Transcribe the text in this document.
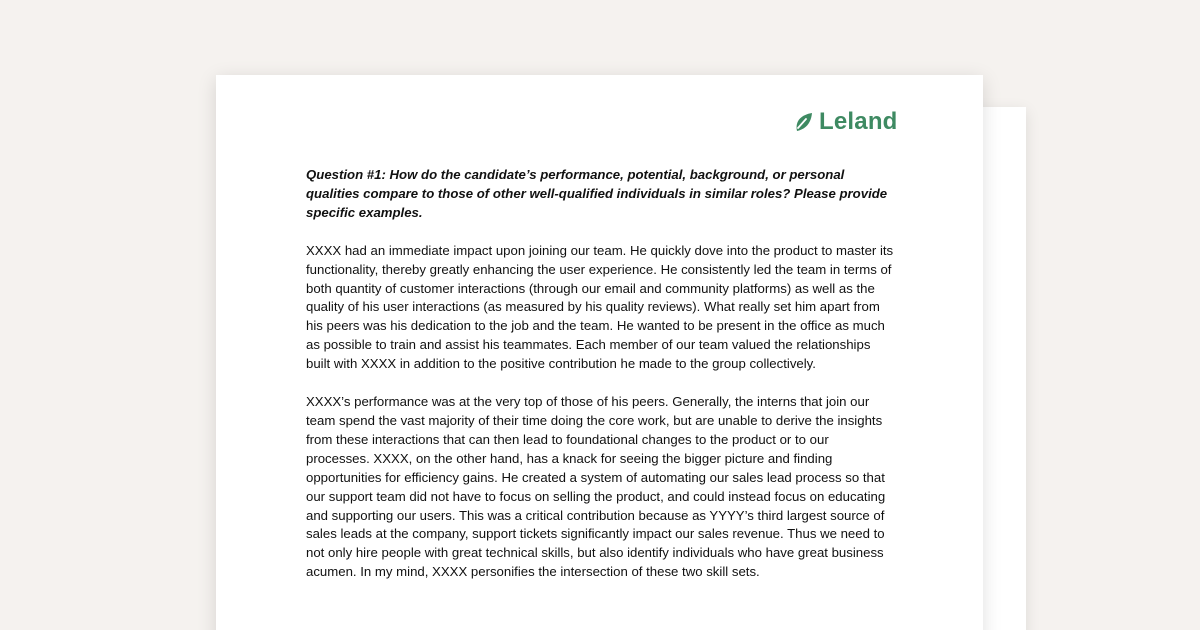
Leland

Question #1: How do the candidate’s performance, potential, background, or personal qualities compare to those of other well-qualified individuals in similar roles? Please provide specific examples.

XXXX had an immediate impact upon joining our team. He quickly dove into the product to master its functionality, thereby greatly enhancing the user experience. He consistently led the team in terms of both quantity of customer interactions (through our email and community platforms) as well as the quality of his user interactions (as measured by his quality reviews). What really set him apart from his peers was his dedication to the job and the team. He wanted to be present in the office as much as possible to train and assist his teammates. Each member of our team valued the relationships built with XXXX in addition to the positive contribution he made to the group collectively.

XXXX’s performance was at the very top of those of his peers. Generally, the interns that join our team spend the vast majority of their time doing the core work, but are unable to derive the insights from these interactions that can then lead to foundational changes to the product or to our processes. XXXX, on the other hand, has a knack for seeing the bigger picture and finding opportunities for efficiency gains. He created a system of automating our sales lead process so that our support team did not have to focus on selling the product, and could instead focus on educating and supporting our users. This was a critical contribution because as YYYY’s third largest source of sales leads at the company, support tickets significantly impact our sales revenue. Thus we need to not only hire people with great technical skills, but also identify individuals who have great business acumen. In my mind, XXXX personifies the intersection of these two skill sets.
